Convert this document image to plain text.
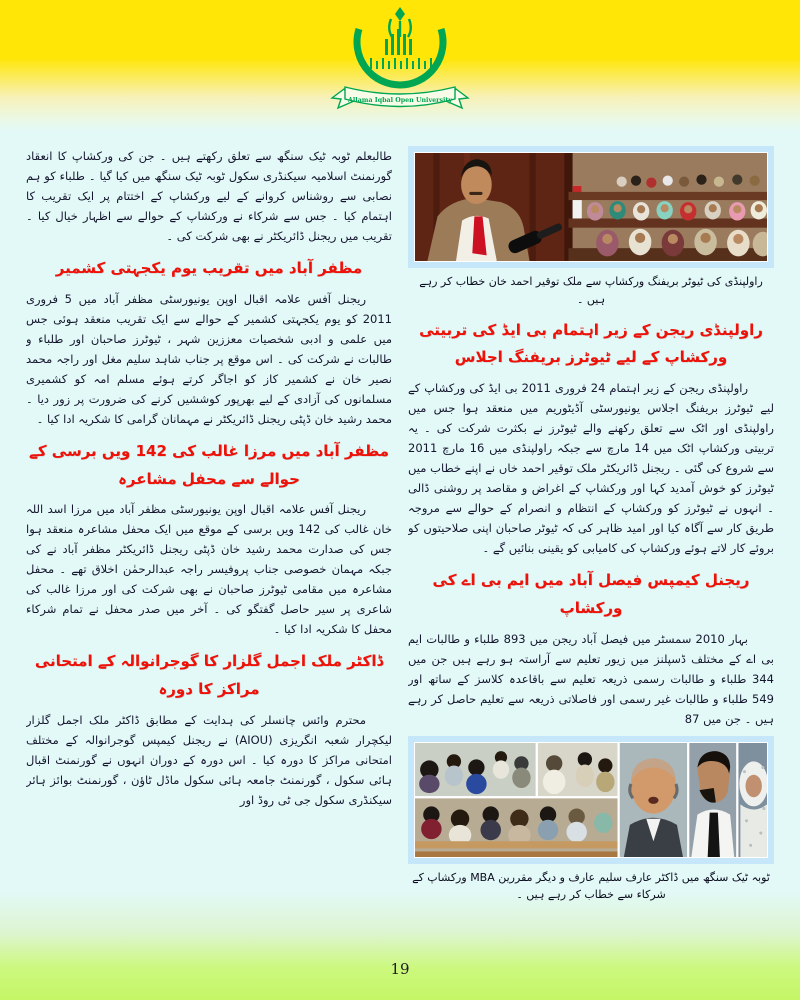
Allama Iqbal Open University
راولپنڈی کی ٹیوٹر بریفنگ ورکشاپ سے ملک توقیر احمد خان خطاب کر رہے ہیں ۔
راولپنڈی ریجن کے زیر اہتمام بی ایڈ کی تربیتی ورکشاپ کے لیے ٹیوٹرز بریفنگ اجلاس

راولپنڈی ریجن کے زیر اہتمام 24 فروری 2011 بی ایڈ کی ورکشاپ کے لیے ٹیوٹرز بریفنگ اجلاس یونیورسٹی آڈیٹوریم میں منعقد ہوا جس میں راولپنڈی اور اٹک سے تعلق رکھنے والے ٹیوٹرز نے بکثرت شرکت کی ۔ یہ تربیتی ورکشاپ اٹک میں 14 مارچ سے جبکہ راولپنڈی میں 16 مارچ 2011 سے شروع کی گئی ۔ ریجنل ڈائریکٹر ملک توقیر احمد خاں نے اپنے خطاب میں ٹیوٹرز کو خوش آمدید کہا اور ورکشاپ کے اغراض و مقاصد پر روشنی ڈالی ۔ انہوں نے ٹیوٹرز کو ورکشاپ کے انتظام و انصرام کے حوالے سے مروجہ طریق کار سے آگاہ کیا اور امید ظاہر کی کہ ٹیوٹر صاحبان اپنی صلاحیتوں کو بروئے کار لاتے ہوئے ورکشاپ کی کامیابی کو یقینی بنائیں گے ۔

ریجنل کیمپس فیصل آباد میں ایم بی اے کی ورکشاپ

بہار 2010 سمسٹر میں فیصل آباد ریجن میں 893 طلباء و طالبات ایم بی اے کے مختلف ڈسپلنز میں زیور تعلیم سے آراستہ ہو رہے ہیں جن میں 344 طلباء و طالبات رسمی ذریعہ تعلیم سے باقاعدہ کلاسز کے ساتھ اور 549 طلباء و طالبات غیر رسمی اور فاصلاتی ذریعہ سے تعلیم حاصل کر رہے ہیں ۔ جن میں 87

ٹوبہ ٹیک سنگھ میں ڈاکٹر عارف سلیم عارف و دیگر مقررین MBA ورکشاپ کے شرکاء سے خطاب کر رہے ہیں ۔

طالبعلم ٹوبہ ٹیک سنگھ سے تعلق رکھتے ہیں ۔ جن کی ورکشاپ کا انعقاد گورنمنٹ اسلامیہ سیکنڈری سکول ٹوبہ ٹیک سنگھ میں کیا گیا ۔ طلباء کو ہم نصابی سے روشناس کروانے کے لیے ورکشاپ کے اختتام پر ایک تقریب کا اہتمام کیا ۔ جس سے شرکاء نے ورکشاپ کے حوالے سے اظہار خیال کیا ۔ تقریب میں ریجنل ڈائریکٹر نے بھی شرکت کی ۔

مظفر آباد میں تقریب یوم یکجہتی کشمیر

ریجنل آفس علامہ اقبال اوپن یونیورسٹی مظفر آباد میں 5 فروری 2011 کو یوم یکجہتی کشمیر کے حوالے سے ایک تقریب منعقد ہوئی جس میں علمی و ادبی شخصیات معززین شہر ، ٹیوٹرز صاحبان اور طلباء و طالبات نے شرکت کی ۔ اس موقع پر جناب شاہد سلیم مغل اور راجہ محمد نصیر خان نے کشمیر کاز کو اجاگر کرتے ہوئے مسلم امہ کو کشمیری مسلمانوں کی آزادی کے لیے بھرپور کوششیں کرنے کی ضرورت پر زور دیا ۔ محمد رشید خان ڈپٹی ریجنل ڈائریکٹر نے مہمانان گرامی کا شکریہ ادا کیا ۔

مظفر آباد میں مرزا غالب کی 142 ویں برسی کے حوالے سے محفل مشاعرہ

ریجنل آفس علامہ اقبال اوپن یونیورسٹی مظفر آباد میں مرزا اسد اللہ خان غالب کی 142 ویں برسی کے موقع میں ایک محفل مشاعرہ منعقد ہوا جس کی صدارت محمد رشید خان ڈپٹی ریجنل ڈائریکٹر مظفر آباد نے کی جبکہ مہمان خصوصی جناب پروفیسر راجہ عبدالرحمٰن اخلاق تھے ۔ محفل مشاعرہ میں مقامی ٹیوٹرز صاحبان نے بھی شرکت کی اور مرزا غالب کی شاعری پر سیر حاصل گفتگو کی ۔ آخر میں صدر محفل نے تمام شرکاء محفل کا شکریہ ادا کیا ۔

ڈاکٹر ملک اجمل گلزار کا گوجرانوالہ کے امتحانی مراکز کا دورہ

محترم وائس چانسلر کی ہدایت کے مطابق ڈاکٹر ملک اجمل گلزار لیکچرار شعبہ انگریزی (AIOU) نے ریجنل کیمپس گوجرانوالہ کے مختلف امتحانی مراکز کا دورہ کیا ۔ اس دورہ کے دوران انہوں نے گورنمنٹ اقبال ہائی سکول ، گورنمنٹ جامعہ ہائی سکول ماڈل ٹاؤن ، گورنمنٹ بوائز ہائر سیکنڈری سکول جی ٹی روڈ اور

19
